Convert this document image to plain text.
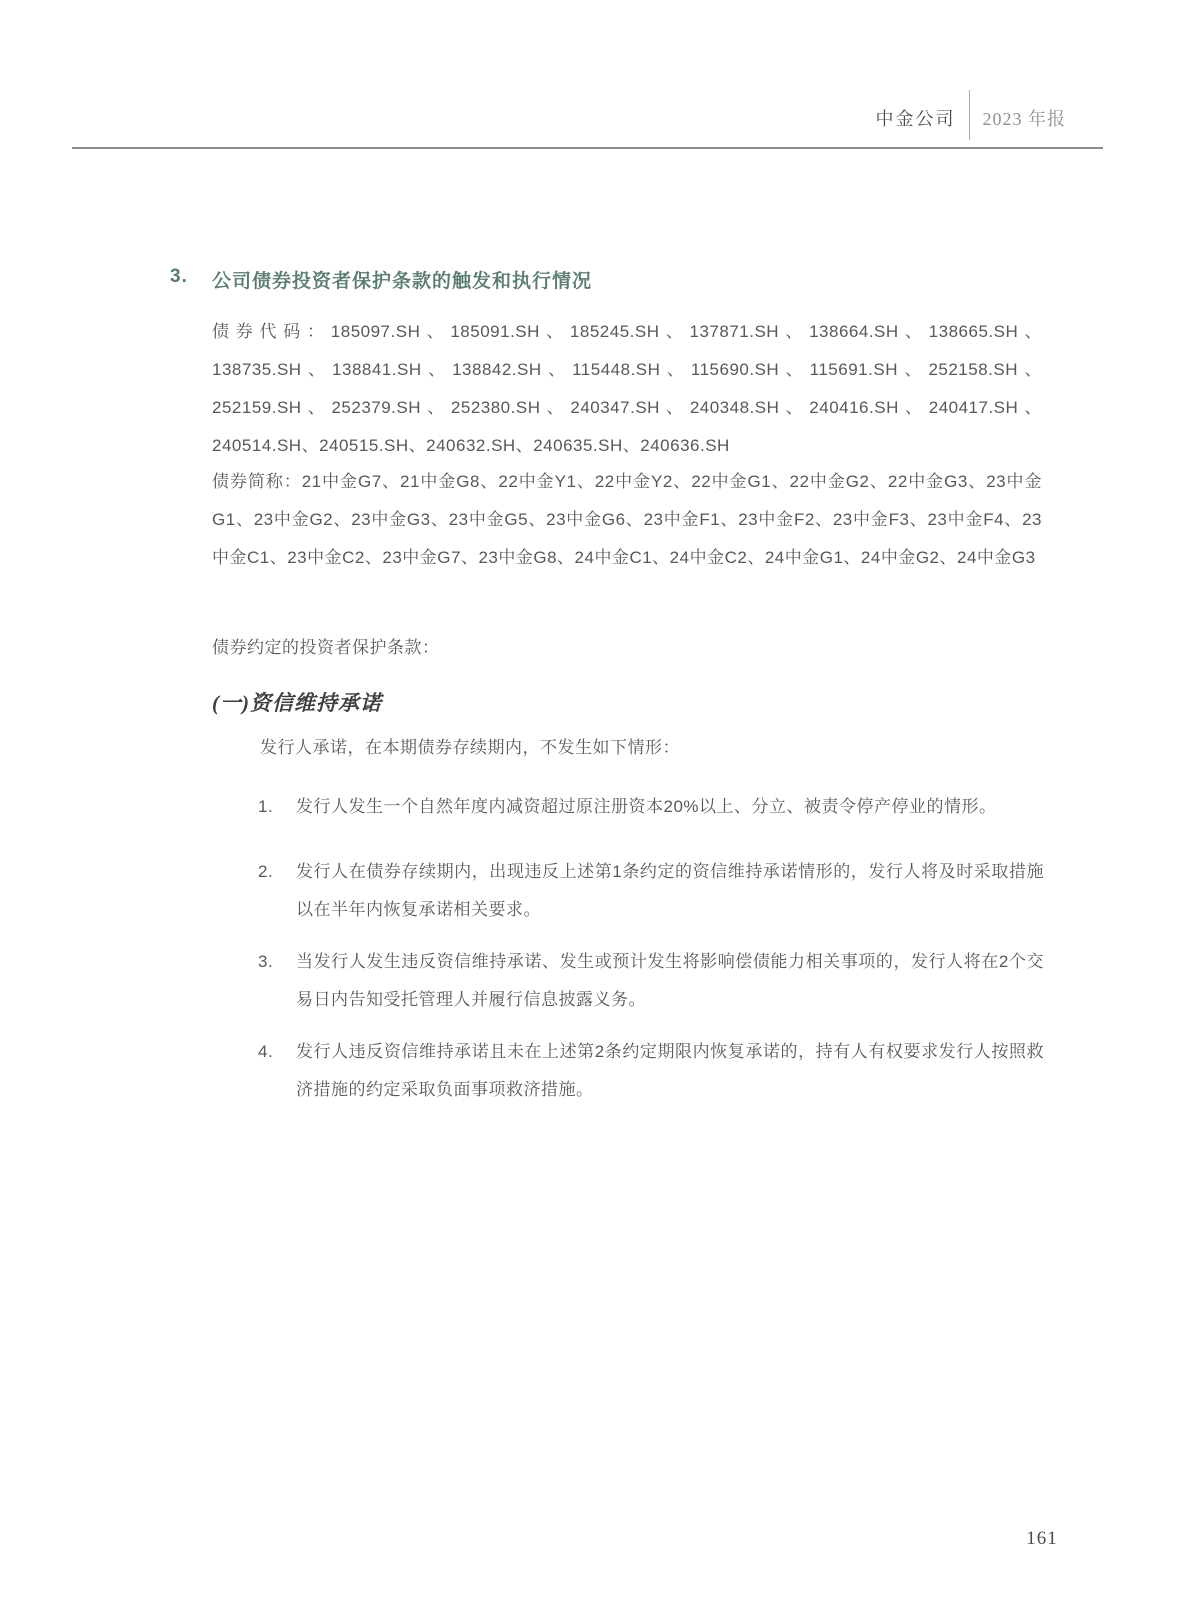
中金公司 2023 年报
3.	公司债券投资者保护条款的触发和执行情况
债券代码：185097.SH、185091.SH、185245.SH、137871.SH、138664.SH、138665.SH、138735.SH、138841.SH、138842.SH、115448.SH、115690.SH、115691.SH、252158.SH、252159.SH、252379.SH、252380.SH、240347.SH、240348.SH、240416.SH、240417.SH、240514.SH、240515.SH、240632.SH、240635.SH、240636.SH
债券简称：21中金G7、21中金G8、22中金Y1、22中金Y2、22中金G1、22中金G2、22中金G3、23中金G1、23中金G2、23中金G3、23中金G5、23中金G6、23中金F1、23中金F2、23中金F3、23中金F4、23中金C1、23中金C2、23中金G7、23中金G8、24中金C1、24中金C2、24中金G1、24中金G2、24中金G3
债券约定的投资者保护条款：
(一)资信维持承诺
发行人承诺，在本期债券存续期内，不发生如下情形：
1.	发行人发生一个自然年度内减资超过原注册资本20%以上、分立、被责令停产停业的情形。
2.	发行人在债券存续期内，出现违反上述第1条约定的资信维持承诺情形的，发行人将及时采取措施以在半年内恢复承诺相关要求。
3.	当发行人发生违反资信维持承诺、发生或预计发生将影响偿债能力相关事项的，发行人将在2个交易日内告知受托管理人并履行信息披露义务。
4.	发行人违反资信维持承诺且未在上述第2条约定期限内恢复承诺的，持有人有权要求发行人按照救济措施的约定采取负面事项救济措施。
161
